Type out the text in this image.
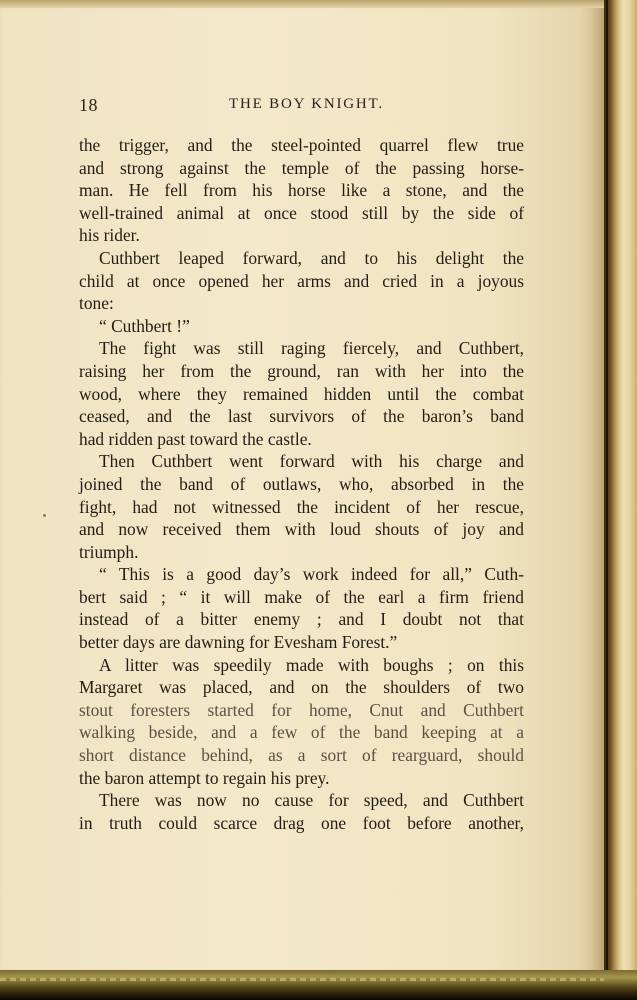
18	THE BOY KNIGHT.
the trigger, and the steel-pointed quarrel flew true
and strong against the temple of the passing horse-
man. He fell from his horse like a stone, and the
well-trained animal at once stood still by the side of
his rider.
Cuthbert leaped forward, and to his delight the
child at once opened her arms and cried in a joyous
tone:
“ Cuthbert !”
The fight was still raging fiercely, and Cuthbert,
raising her from the ground, ran with her into the
wood, where they remained hidden until the combat
ceased, and the last survivors of the baron’s band
had ridden past toward the castle.
Then Cuthbert went forward with his charge and
joined the band of outlaws, who, absorbed in the
fight, had not witnessed the incident of her rescue,
and now received them with loud shouts of joy and
triumph.
“ This is a good day’s work indeed for all,” Cuth-
bert said ; “ it will make of the earl a firm friend
instead of a bitter enemy ; and I doubt not that
better days are dawning for Evesham Forest.”
A litter was speedily made with boughs ; on this
Margaret was placed, and on the shoulders of two
stout foresters started for home, Cnut and Cuthbert
walking beside, and a few of the band keeping at a
short distance behind, as a sort of rearguard, should
the baron attempt to regain his prey.
There was now no cause for speed, and Cuthbert
in truth could scarce drag one foot before another,
